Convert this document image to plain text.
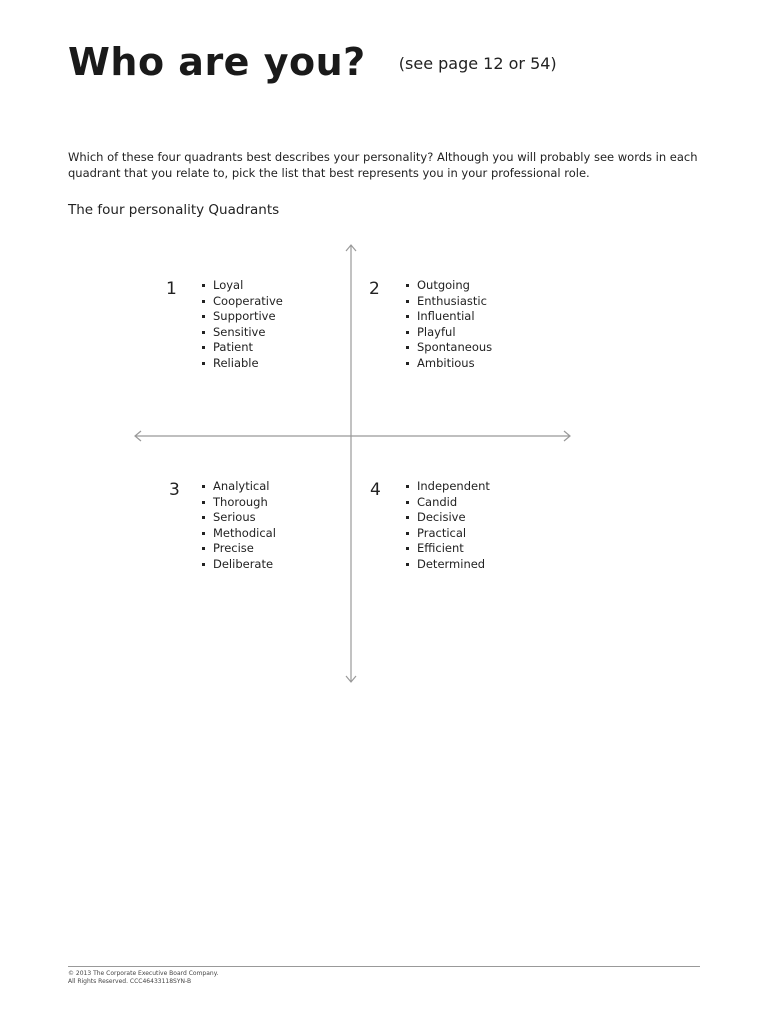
Who are you? (see page 12 or 54)

Which of these four quadrants best describes your personality? Although you will probably see words in each quadrant that you relate to, pick the list that best represents you in your professional role.

The four personality Quadrants
1	Loyal
Cooperative
Supportive
Sensitive
Patient
Reliable
2	Outgoing
Enthusiastic
Influential
Playful
Spontaneous
Ambitious
3	Analytical
Thorough
Serious
Methodical
Precise
Deliberate
4	Independent
Candid
Decisive
Practical
Efficient
Determined
© 2013 The Corporate Executive Board Company.
All Rights Reserved. CCC46433118SYN-B
